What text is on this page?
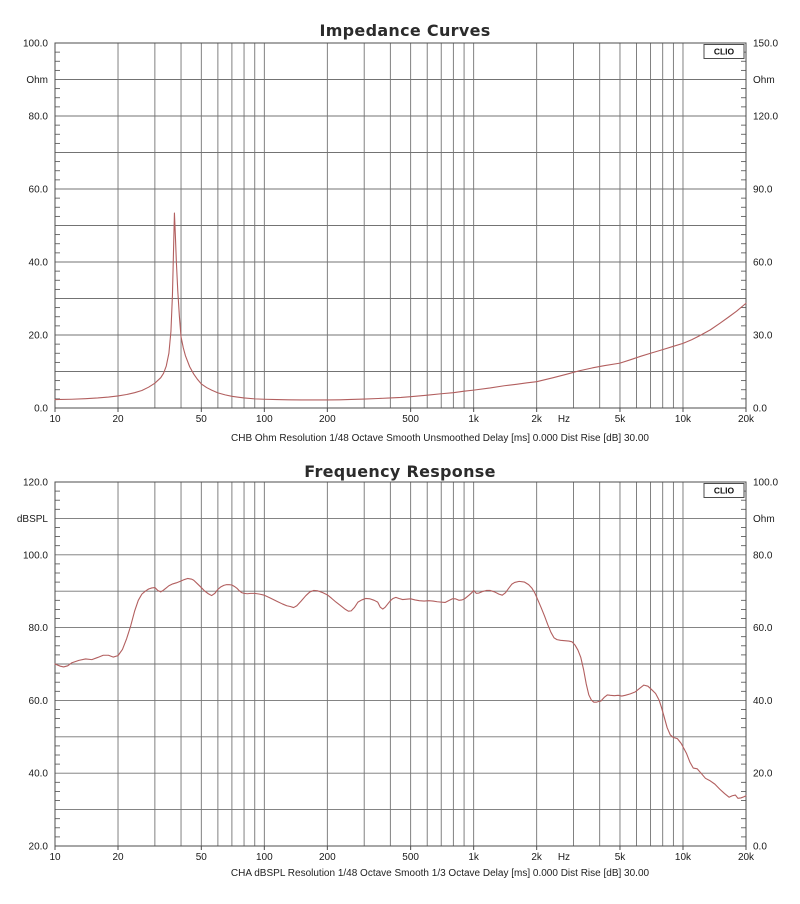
Impedance Curves
10	20	50	100	200	500	1k	2k	5k	10k	20k
Hz
100.0
Ohm
80.0
60.0
40.0
20.0
0.0
150.0
Ohm
120.0
90.0
60.0
30.0
0.0
CLIO
CHB Ohm Resolution 1/48 Octave Smooth Unsmoothed Delay [ms] 0.000 Dist Rise [dB] 30.00
Frequency Response
10	20	50	100	200	500	1k	2k	5k	10k	20k
Hz
120.0
dBSPL
100.0
80.0
60.0
40.0
20.0
100.0
Ohm
80.0
60.0
40.0
20.0
0.0
CLIO
CHA dBSPL Resolution 1/48 Octave Smooth 1/3 Octave Delay [ms] 0.000 Dist Rise [dB] 30.00
